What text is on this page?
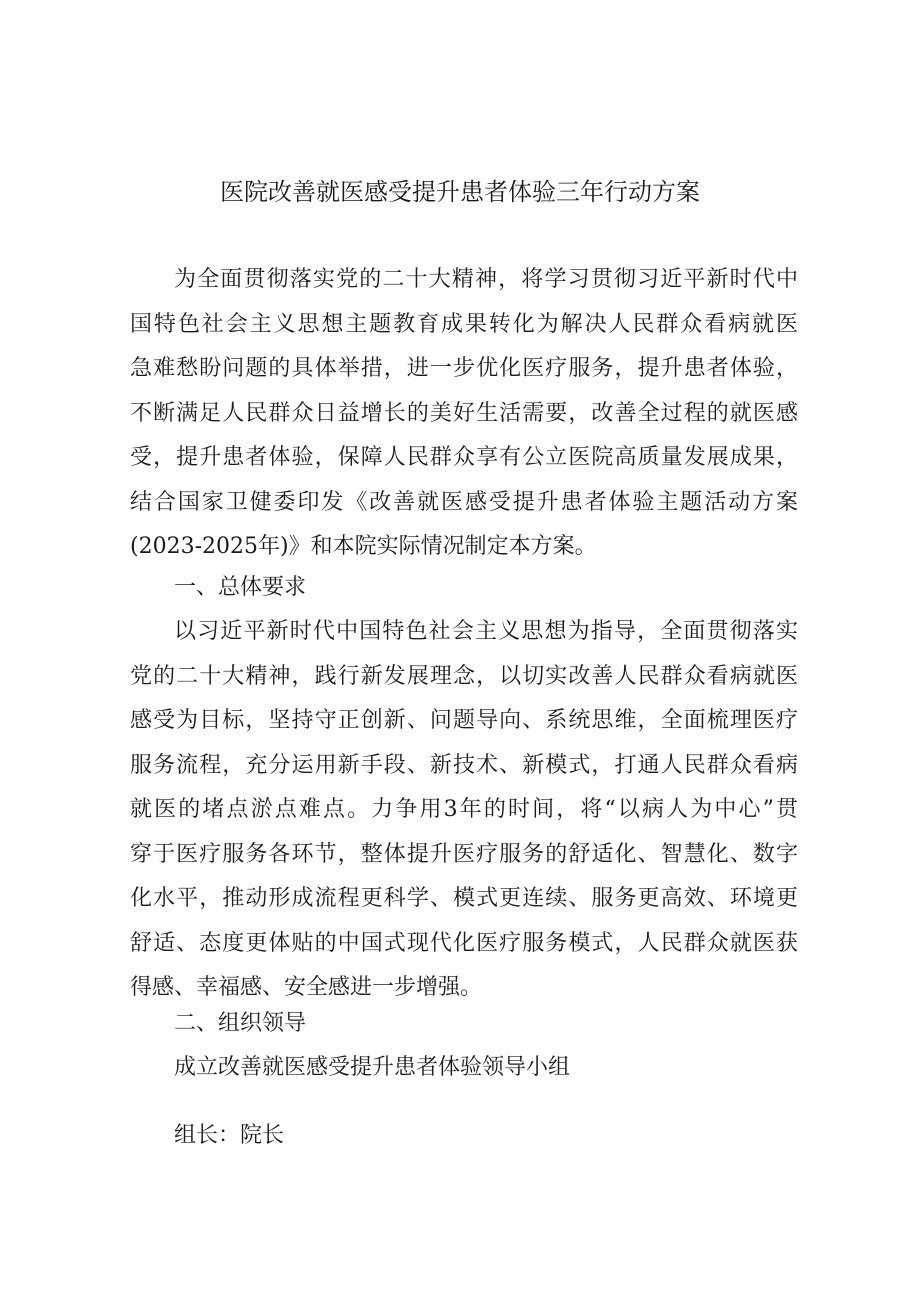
医院改善就医感受提升患者体验三年行动方案
为全面贯彻落实党的二十大精神，将学习贯彻习近平新时代中
国特色社会主义思想主题教育成果转化为解决人民群众看病就医
急难愁盼问题的具体举措，进一步优化医疗服务，提升患者体验，
不断满足人民群众日益增长的美好生活需要，改善全过程的就医感
受，提升患者体验，保障人民群众享有公立医院高质量发展成果，
结合国家卫健委印发《改善就医感受提升患者体验主题活动方案
(2023-2025年)》和本院实际情况制定本方案。
一、总体要求
以习近平新时代中国特色社会主义思想为指导，全面贯彻落实
党的二十大精神，践行新发展理念，以切实改善人民群众看病就医
感受为目标，坚持守正创新、问题导向、系统思维，全面梳理医疗
服务流程，充分运用新手段、新技术、新模式，打通人民群众看病
就医的堵点淤点难点。力争用3年的时间，将“以病人为中心”贯
穿于医疗服务各环节，整体提升医疗服务的舒适化、智慧化、数字
化水平，推动形成流程更科学、模式更连续、服务更高效、环境更
舒适、态度更体贴的中国式现代化医疗服务模式，人民群众就医获
得感、幸福感、安全感进一步增强。
二、组织领导
成立改善就医感受提升患者体验领导小组
组长：院长
